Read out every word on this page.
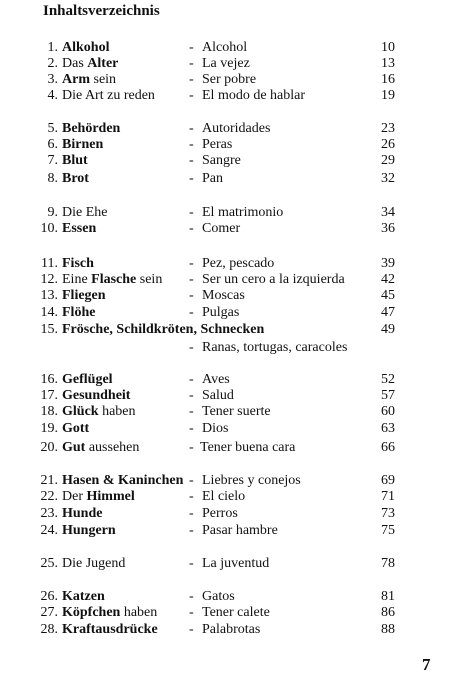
Inhaltsverzeichnis
1. Alkohol	- Alcohol	10
2. Das Alter	- La vejez	13
3. Arm sein	- Ser pobre	16
4. Die Art zu reden - El modo de hablar	19
5. Behörden	- Autoridades	23
6. Birnen	- Peras	26
7. Blut	- Sangre	29
8. Brot	- Pan	32
9. Die Ehe	- El matrimonio	34
10. Essen	- Comer	36
11. Fisch	- Pez, pescado	39
12. Eine Flasche sein - Ser un cero a la izquierda	42
13. Fliegen	- Moscas	45
14. Flöhe	- Pulgas	47
15. Frösche, Schildkröten, Schnecken	49
- Ranas, tortugas, caracoles
16. Geflügel	- Aves	52
17. Gesundheit	- Salud	57
18. Glück haben	- Tener suerte	60
19. Gott	- Dios	63
20. Gut aussehen	- Tener buena cara	66
21. Hasen & Kaninchen - Liebres y conejos	69
22. Der Himmel	- El cielo	71
23. Hunde	- Perros	73
24. Hungern	- Pasar hambre	75
25. Die Jugend	- La juventud	78
26. Katzen	- Gatos	81
27. Köpfchen haben - Tener calete	86
28. Kraftausdrücke - Palabrotas	88
7
